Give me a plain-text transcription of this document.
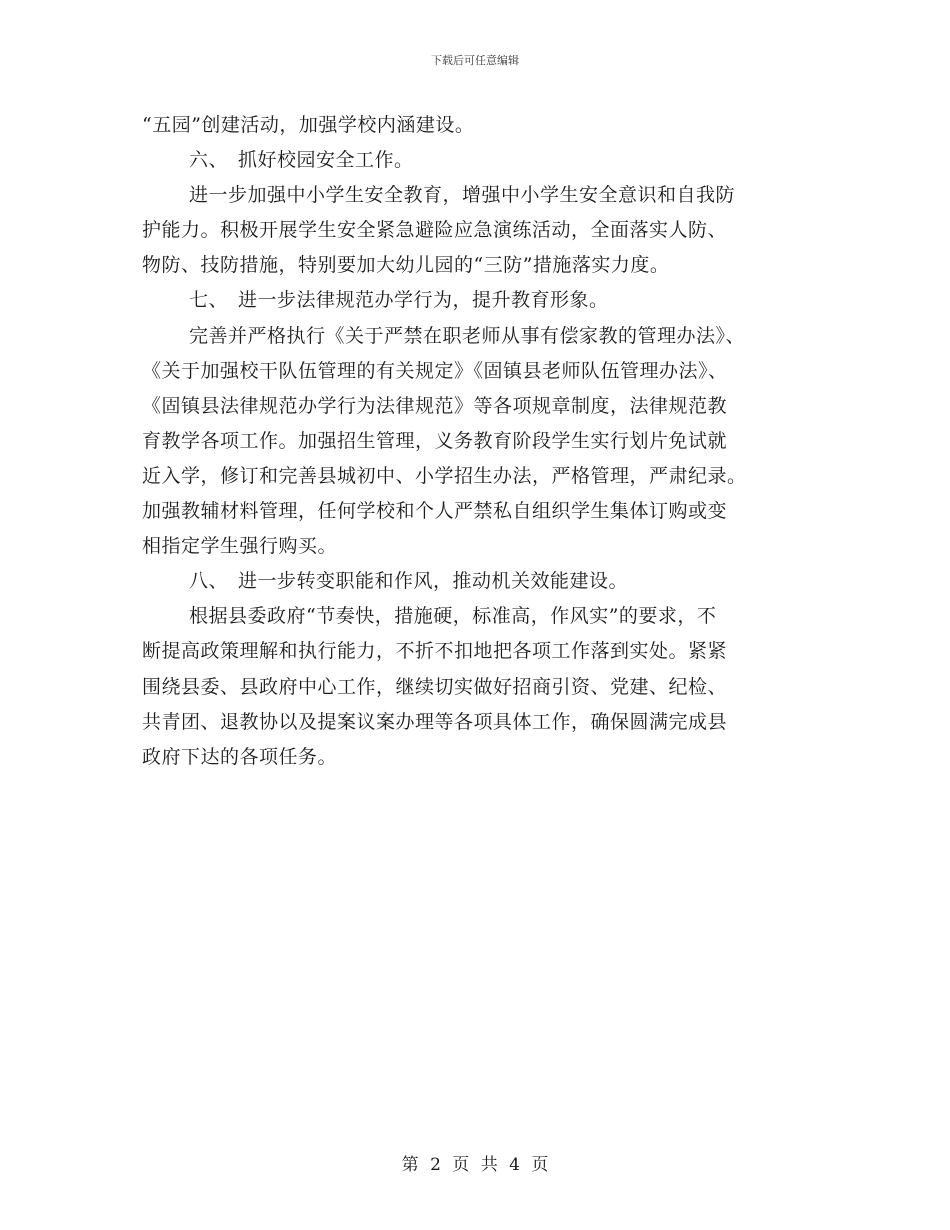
下载后可任意编辑
“五园”创建活动，加强学校内涵建设。
六、　抓好校园安全工作。
进一步加强中小学生安全教育，增强中小学生安全意识和自我防
护能力。积极开展学生安全紧急避险应急演练活动，全面落实人防、
物防、技防措施，特别要加大幼儿园的“三防”措施落实力度。
七、　进一步法律规范办学行为，提升教育形象。
完善并严格执行《关于严禁在职老师从事有偿家教的管理办法》、
《关于加强校干队伍管理的有关规定》《固镇县老师队伍管理办法》、
《固镇县法律规范办学行为法律规范》等各项规章制度，法律规范教
育教学各项工作。加强招生管理，义务教育阶段学生实行划片免试就
近入学，修订和完善县城初中、小学招生办法，严格管理，严肃纪录。
加强教辅材料管理，任何学校和个人严禁私自组织学生集体订购或变
相指定学生强行购买。
八、　进一步转变职能和作风，推动机关效能建设。
根据县委政府“节奏快，措施硬，标准高，作风实”的要求，不
断提高政策理解和执行能力，不折不扣地把各项工作落到实处。紧紧
围绕县委、县政府中心工作，继续切实做好招商引资、党建、纪检、
共青团、退教协以及提案议案办理等各项具体工作，确保圆满完成县
政府下达的各项任务。
第 2 页 共 4 页
